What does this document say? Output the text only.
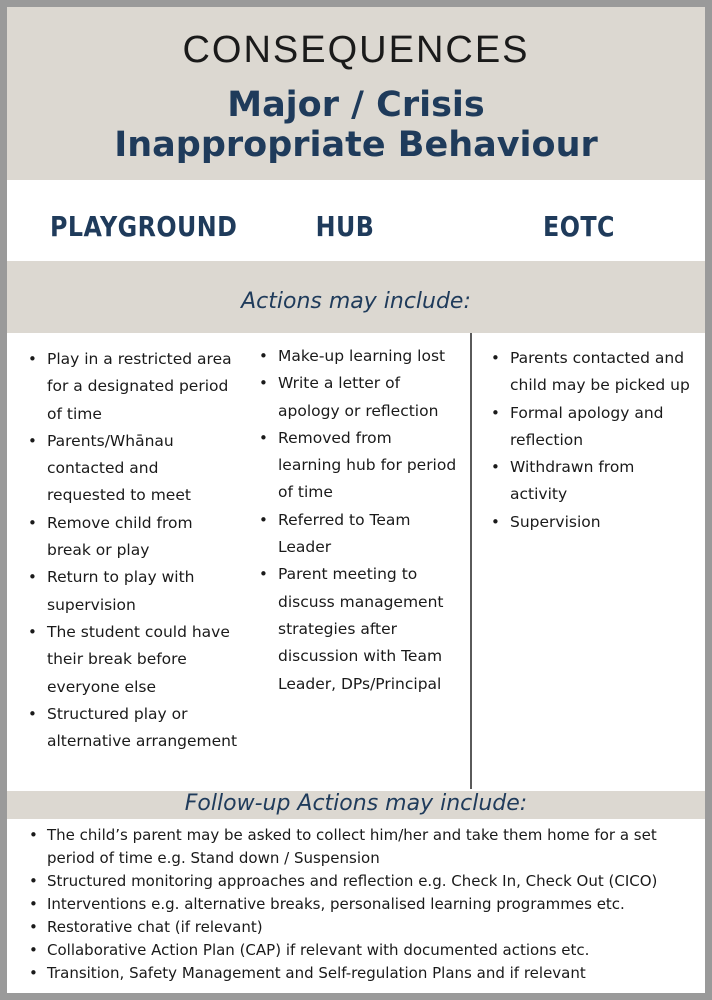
CONSEQUENCES
Major / Crisis
Inappropriate Behaviour
PLAYGROUND	HUB	EOTC
Actions may include:
• Play in a restricted area for a designated period of time
• Parents/Whānau contacted and requested to meet
• Remove child from break or play
• Return to play with supervision
• The student could have their break before everyone else
• Structured play or alternative arrangement
• Make-up learning lost
• Write a letter of apology or reflection
• Removed from learning hub for period of time
• Referred to Team Leader
• Parent meeting to discuss management strategies after discussion with Team Leader, DPs/Principal
• Parents contacted and child may be picked up
• Formal apology and reflection
• Withdrawn from activity
• Supervision
Follow-up Actions may include:
• The child’s parent may be asked to collect him/her and take them home for a set period of time e.g. Stand down / Suspension
• Structured monitoring approaches and reflection e.g. Check In, Check Out (CICO)
• Interventions e.g. alternative breaks, personalised learning programmes etc.
• Restorative chat (if relevant)
• Collaborative Action Plan (CAP) if relevant with documented actions etc.
• Transition, Safety Management and Self-regulation Plans and if relevant
